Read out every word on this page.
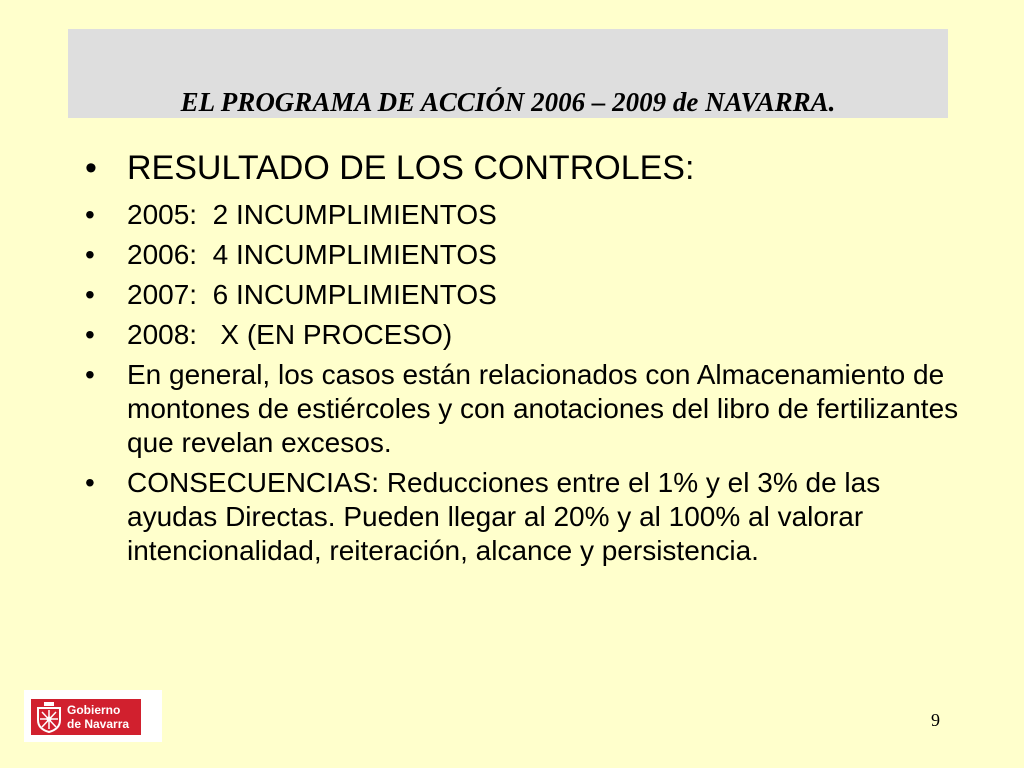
EL PROGRAMA DE ACCIÓN 2006 – 2009 de NAVARRA.
• RESULTADO DE LOS CONTROLES:
• 2005:  2 INCUMPLIMIENTOS
• 2006:  4 INCUMPLIMIENTOS
• 2007:  6 INCUMPLIMIENTOS
• 2008:   X (EN PROCESO)
• En general, los casos están relacionados con Almacenamiento de montones de estiércoles y con anotaciones del libro de fertilizantes que revelan excesos.
• CONSECUENCIAS: Reducciones entre el 1% y el 3% de las ayudas Directas. Pueden llegar al 20% y al 100% al valorar intencionalidad, reiteración, alcance y persistencia.
Gobierno
de Navarra	9
